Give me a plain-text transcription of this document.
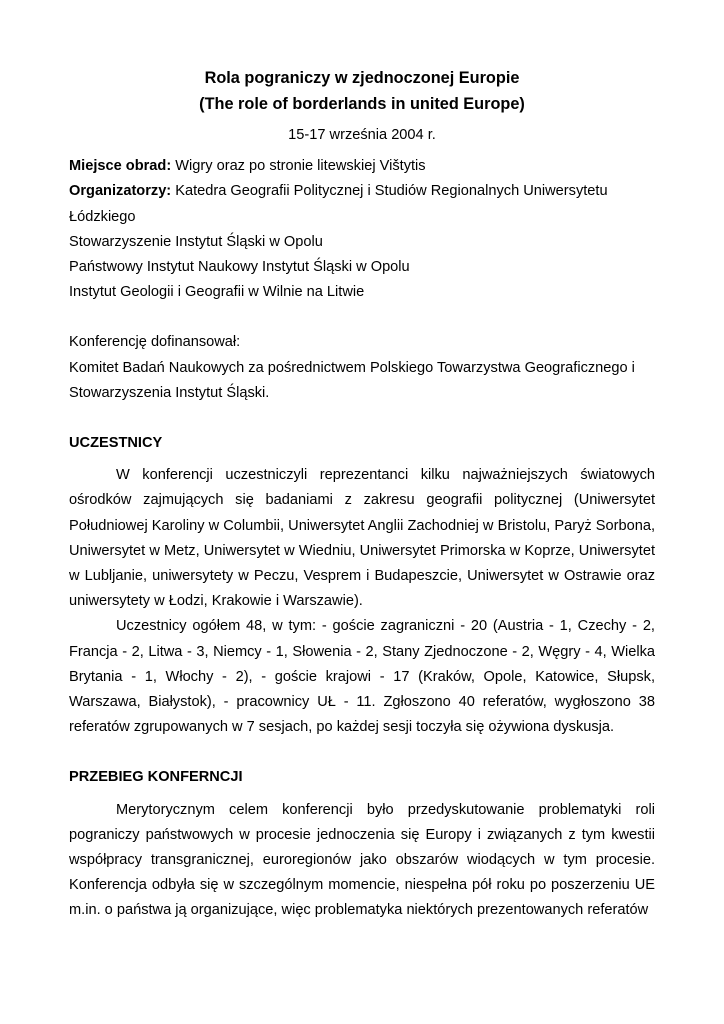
Rola pograniczy w zjednoczonej Europie

(The role of borderlands in united Europe)

15-17 września 2004 r.

Miejsce obrad: Wigry oraz po stronie litewskiej Vištytis

Organizatorzy: Katedra Geografii Politycznej i Studiów Regionalnych Uniwersytetu Łódzkiego

Stowarzyszenie Instytut Śląski w Opolu

Państwowy Instytut Naukowy Instytut Śląski w Opolu

Instytut Geologii i Geografii w Wilnie na Litwie

Konferencję dofinansował:

Komitet Badań Naukowych za pośrednictwem Polskiego Towarzystwa Geograficznego i Stowarzyszenia Instytut Śląski.

UCZESTNICY

W konferencji uczestniczyli reprezentanci kilku najważniejszych światowych ośrodków zajmujących się badaniami z zakresu geografii politycznej (Uniwersytet Południowej Karoliny w Columbii, Uniwersytet Anglii Zachodniej w Bristolu, Paryż Sorbona, Uniwersytet w Metz, Uniwersytet w Wiedniu, Uniwersytet Primorska w Koprze, Uniwersytet w Lubljanie, uniwersytety w Peczu, Vesprem i Budapeszcie, Uniwersytet w Ostrawie oraz uniwersytety w Łodzi, Krakowie i Warszawie).

Uczestnicy ogółem 48, w tym: - goście zagraniczni - 20 (Austria - 1, Czechy - 2, Francja - 2, Litwa - 3, Niemcy - 1, Słowenia - 2, Stany Zjednoczone - 2, Węgry - 4, Wielka Brytania - 1, Włochy - 2), - goście krajowi - 17 (Kraków, Opole, Katowice, Słupsk, Warszawa, Białystok), - pracownicy UŁ - 11. Zgłoszono 40 referatów, wygłoszono 38 referatów zgrupowanych w 7 sesjach, po każdej sesji toczyła się ożywiona dyskusja.

PRZEBIEG KONFERNCJI

Merytorycznym celem konferencji było przedyskutowanie problematyki roli pograniczy państwowych w procesie jednoczenia się Europy i związanych z tym kwestii współpracy transgranicznej, euroregionów jako obszarów wiodących w tym procesie. Konferencja odbyła się w szczególnym momencie, niespełna pół roku po poszerzeniu UE m.in. o państwa ją organizujące, więc problematyka niektórych prezentowanych referatów
